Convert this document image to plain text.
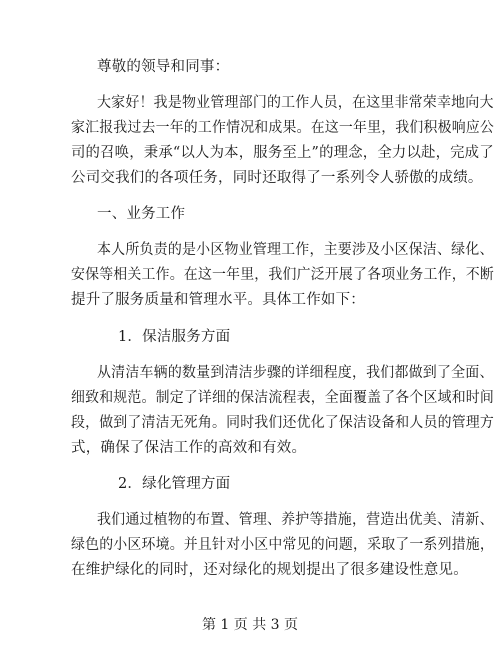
尊敬的领导和同事：
大家好！我是物业管理部门的工作人员，在这里非常荣幸地向大
家汇报我过去一年的工作情况和成果。在这一年里，我们积极响应公
司的召唤，秉承“以人为本，服务至上”的理念，全力以赴，完成了
公司交我们的各项任务，同时还取得了一系列令人骄傲的成绩。
一、业务工作
本人所负责的是小区物业管理工作，主要涉及小区保洁、绿化、
安保等相关工作。在这一年里，我们广泛开展了各项业务工作，不断
提升了服务质量和管理水平。具体工作如下：
1．保洁服务方面
从清洁车辆的数量到清洁步骤的详细程度，我们都做到了全面、
细致和规范。制定了详细的保洁流程表，全面覆盖了各个区域和时间
段，做到了清洁无死角。同时我们还优化了保洁设备和人员的管理方
式，确保了保洁工作的高效和有效。
2．绿化管理方面
我们通过植物的布置、管理、养护等措施，营造出优美、清新、
绿色的小区环境。并且针对小区中常见的问题，采取了一系列措施，
在维护绿化的同时，还对绿化的规划提出了很多建设性意见。
第 1 页 共 3 页
